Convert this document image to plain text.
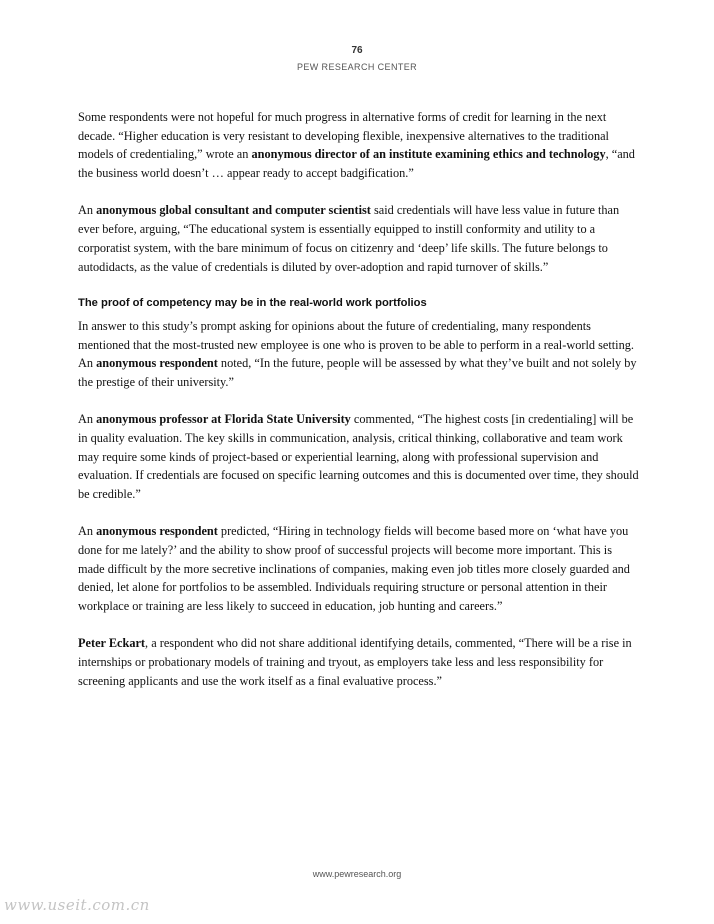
76
PEW RESEARCH CENTER

Some respondents were not hopeful for much progress in alternative forms of credit for learning in the next decade. “Higher education is very resistant to developing flexible, inexpensive alternatives to the traditional models of credentialing,” wrote an anonymous director of an institute examining ethics and technology, “and the business world doesn’t … appear ready to accept badgification.”

An anonymous global consultant and computer scientist said credentials will have less value in future than ever before, arguing, “The educational system is essentially equipped to instill conformity and utility to a corporatist system, with the bare minimum of focus on citizenry and ‘deep’ life skills. The future belongs to autodidacts, as the value of credentials is diluted by over-adoption and rapid turnover of skills.”

The proof of competency may be in the real-world work portfolios

In answer to this study’s prompt asking for opinions about the future of credentialing, many respondents mentioned that the most-trusted new employee is one who is proven to be able to perform in a real-world setting. An anonymous respondent noted, “In the future, people will be assessed by what they’ve built and not solely by the prestige of their university.”

An anonymous professor at Florida State University commented, “The highest costs [in credentialing] will be in quality evaluation. The key skills in communication, analysis, critical thinking, collaborative and team work may require some kinds of project-based or experiential learning, along with professional supervision and evaluation. If credentials are focused on specific learning outcomes and this is documented over time, they should be credible.”

An anonymous respondent predicted, “Hiring in technology fields will become based more on ‘what have you done for me lately?’ and the ability to show proof of successful projects will become more important. This is made difficult by the more secretive inclinations of companies, making even job titles more closely guarded and denied, let alone for portfolios to be assembled. Individuals requiring structure or personal attention in their workplace or training are less likely to succeed in education, job hunting and careers.”

Peter Eckart, a respondent who did not share additional identifying details, commented, “There will be a rise in internships or probationary models of training and tryout, as employers take less and less responsibility for screening applicants and use the work itself as a final evaluative process.”

www.pewresearch.org
www.useit.com.cn
